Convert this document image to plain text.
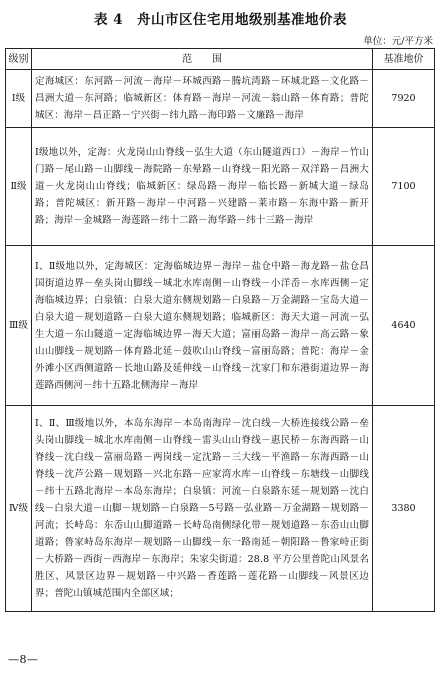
表 4　舟山市区住宅用地级别基准地价表
单位：元/平方米
级别	范　　围	基准地价
Ⅰ级	定海城区：东河路－河流－海岸－环城西路－腾坑湾路－环城北路－文化路－昌洲大道－东河路；临城新区：体育路－海岸－河流－翁山路－体育路；普陀城区：海岸－昌正路－宁兴街－纬九路－海印路－文廉路－海岸	7920
Ⅱ级	Ⅰ级地以外，定海：火龙岗山山脊线－弘生大道（东山隧道西口）－海岸－竹山门路－尾山路－山脚线－海院路－东晕路－山脊线－阳光路－双洋路－昌洲大道－火龙岗山山脊线；临城新区：绿岛路－海岸－临长路－新城大道－绿岛路；普陀城区：新开路－海岸－中河路－兴建路－莱市路－东海中路－新开路；海岸－金城路－海莲路－纬十二路－海华路－纬十三路－海岸	7100
Ⅲ级	Ⅰ、Ⅱ级地以外，定海城区：定海临城边界－海岸－盐仓中路－海龙路－盐仓昌国街道边界－垒头岗山脚线－城北水库南侧－山脊线－小洋岙－水库西侧－定海临城边界；白泉镇：白泉大道东侧规划路－白泉路－万金湖路－宝岛大道－白泉大道－规划道路－白泉大道东侧规划路；临城新区：海天大道－河流－弘生大道－东山隧道－定海临城边界－海天大道；富丽岛路－海岸－高云路－象山山脚线－规划路－体育路北延－鼓吹山山脊线－富丽岛路；普陀：海岸－金外滩小区西侧道路－长地山路及延伸线－山脊线－沈家门和东港街道边界－海莲路西侧河－纬十五路北侧海岸－海岸	4640
Ⅳ级	Ⅰ、Ⅱ、Ⅲ级地以外，本岛东海岸－本岛南海岸－沈白线－大桥连接线公路－垒头岗山脚线－城北水库南侧－山脊线－雷头山山脊线－惠民桥－东海西路－山脊线－沈白线－富丽岛路－两岗线－定沈路－三大线－平渔路－东海西路－山脊线－沈芦公路－规划路－兴北东路－应家湾水库－山脊线－东塘线－山脚线－纬十五路北海岸－本岛东海岸；白泉镇：河流－白泉路东延－规划路－沈白线－白泉大道－山脚－规划路－白泉路－5号路－弘业路－万金湖路－规划路－河流；长峙岛：东岙山山脚道路－长峙岛南侧绿化带－规划道路－东岙山山脚道路；鲁家峙岛东海岸－规划路－山脚线－东一路南延－朝阳路－鲁家峙正街－大桥路－西街－西海岸－东海岸；朱家尖街道：28.8 平方公里普陀山风景名胜区、风景区边界－规划路－中兴路－香莲路－莲花路－山脚线－风景区边界；普陀山镇城范围内全部区域；	3380
—8—
